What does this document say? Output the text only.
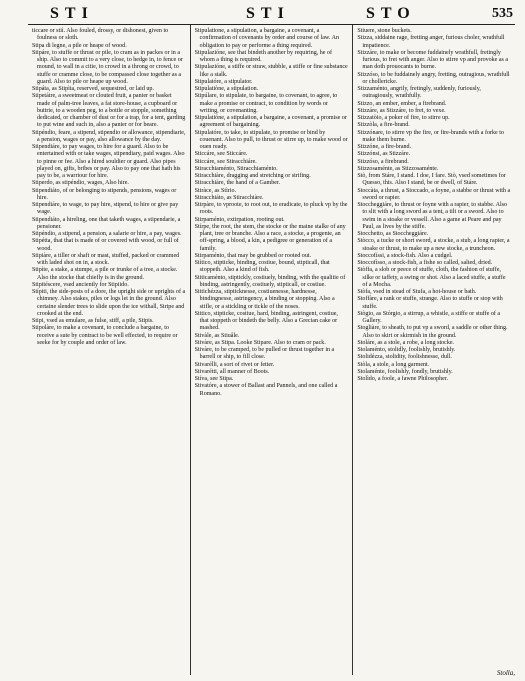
STI	STI	STO	535

ticcare or stiì. Also fouled, drossy, or dishonest, given to foulness or sloth.

Stipa di legne, a pile or heape of wood.

Stipáre, to stuffe or thrust or pile, to cram as in packes or in a ship. Also to commit to a very close, to hedge in, to fence or mound, to wall in a citie, to crowd in a throng or crowd, to stuffe or cramme close, to be compassed close together as a guard. Also to pile or heape up wood.

Stipáta, as Stipìta, reserved, sequestred, or laid up.

Stipetátre, a sweetmeat or clouted fruit, a panier or basket made of palm-tree leaves, a fat store-house, a cupboard or buttrie, to a wooden peg, to a bottle or stopple, something dedicated, or chamber of dust or for a trap, for a tent, garding to put wine and such in, also a panier or for beare.

Stipéndio, feare, a stipend, stipendio or allowance, stipendiarie, a pension, wages or pay, also allowance by the day.

Stipendiáre, to pay wages, to hire for a guard. Also to be entertained with or take wages, stipendiary, paid wages. Also to pinne or fee. Also a hired souldier or guard. Also pipes played on, gifts, bribes or pay. Also to pay one that hath his pay to be, a warriour for hire.

Stiperdo, as stipéndio, wages, Also hire.

Stipendiáto, of or belonging to stipends, pensions, wages or hire.

Stipendiáre, to wage, to pay hire, stipend, to hire or give pay wage.

Stipendiáto, a hireling, one that taketh wages, a stipendarie, a pensioner.

Stipéndio, a stipend, a pension, a salarie or hire, a pay, wages.

Stipétta, that that is made of or covered with wood, or full of wood.

Stipiàre, a tiller or shaft or mast, stuffed, packed or crammed with laded shot on in, a stock.

Stipìte, a stake, a stumpe, a pile or trunke of a tree, a stocke. Also the stocke that chiefly is in the ground.

Stipitéscere, vsed anciently for Stipiido.

Stípiti, the side-posts of a dore, the upright side or uprights of a chimney. Also stakes, piles or logs let in the ground. Also certaine slender trees to slide upon the ice withall, Stripe and crooked at the end.

Stipi, vsed as emulare, as fulse, stiff, a pile, Stipis.

Stipolàre, to make a covenant, to conclude a bargaine, to receive a sute by contract to be well effected, to require or seeke for by couple and order of law.

Stipulatione, a stipulation, a bargaine, a covenant, a confirmation of covenants by order and course of law. An obligation to pay or performe a thing required.

Stipulazióne, see that bindeth another by requiring, he of whom a thing is required.

Stipulazióne, a stiffe or straw, stubble, a stiffe or fine substance like a stalk.

Stipulatóre, a stipulator.

Stipulatiòne, a stipulation.

Stipúlare, to stipulate, to bargaine, to covenant, to agree, to make a promise or contract, to condition by words or writing, or covenanting.

Stipulatióne, a stipulation, a bargaine, a covenant, a promise or agreement of bargaining.

Stipulatóre, to take, to stipulate, to promise or bind by couenant. Also to pull, to thrust or stirre up, to make wood or ouen ready.

Sticcáre, see Sticcáre.

Sticcáre, see Stiracchiáre.

Stiracchiaménto, Stiracchiaménto.

Stiracchiàre, dragging and stretching or strifing.

Stiracchiàre, the hand of a Gamber.

Stiràce, as Stìrio.

Stiracchiáto, as Stiracchiàre.

Stirpàre, to vproote, to root out, to eradicate, to pluck vp by the roots.

Stirpaménto, extirpation, rooting out.

Stírpe, the root, the stem, the stocke or the maine stalke of any plant, tree or branche. Also a race, a stocke, a progenie, an off-spring, a blood, a kin, a pedigree or generation of a family.

Stirpaménto, that may be grubbed or rooted out.

Stìtico, stipticke, binding, costiue, bound, stipticall, that stoppeth. Also a kind of fish.

Stiticaménto, stiptickly, costiuely, binding, with the qualitie of binding, astringently, costiuely, stipticall, or costiue.

Stitichézza, stipticknesse, costiuenesse, hardnesse, bindingnesse, astringency, a binding or stopping. Also a stifle, or a stickling or tickle of the noses.

Stitico, stipticke, costiue, hard, binding, astringent, costiue, that stoppeth or bindeth the belly. Also a Grecian cake or mashed.

Stivàle, as Stiuâle.

Stivàre, as Stipa. Looke Stipare. Also to cram or pack.

Stivàre, to be cramped, to be pulled or thrust together in a barrell or ship, to fill close.

Stivarélli, a sort of rivet or fetter.

Stivarétti, all manner of Boots.

Stíva, see Stipa.

Stivatóre, a stower of Ballast and Pannels, and one called a Romano.

Stiuere, stone buckets.

Stizza, siddaine rage, fretting anger, furious choler, wrathfull impatience.

Stizzáre, to make or become fuddainely wrathfull, fretingly furious, to fret with anger. Also to stirre vp and provoke as a man doth prouocants to burne.

Stizzóso, to be fuddainely angry, fretting, outragious, wrathfull or chollericke.

Stizzaménto, angrily, fretingly, suddenly, furiously, outragiously, wrathfully.

Stizzo, an ember, ember, a firebrand.

Stizzáre, as Stizzáre, to fret, to vexe.

Stizzatòio, a poker of fire, to stirre up.

Stizzòla, a fire-brand.

Stizzónare, to stirre vp the fire, or fire-brands with a forke to make them burne.

Stizzóne, a fire-brand.

Stizzónsi, as Stizzáre.

Stizzóso, a firebrand.

Stizzosaménte, as Stizzosaménte.

Stò, from Stáre, I stand. I doe, I fare. Stò, vsed sometimes for Quesso, this. Also I stand, be or dwell, of Stáre.

Stoccàta, a thrust, a Stoccado, a foyne, a stabbe or thrust with a sword or rapier.

Stoccheggiáre, to thrust or foyne with a rapier, to stabbe. Also to slit with a long sword as a tent, a tilt or a sword. Also to swim in a stoake or vessell. Also a game at Peare and pay Paul, as lives by the stiffe.

Stocchetto, as Stoccheggiáre.

Stòcco, a tucke or short sword, a stocke, a stub, a long rapier, a stoake or thrust, to make up a new stocke, a truncheon.

Stoccofíssi, a stock-fish. Also a cudgel.

Stoccofìsso, a stock-fish, a fishe so called, salted, dried.

Stòffa, a slob or peece of stuffe, cloth, the fashion of stuffe, silke or taffety, a swing or shot. Also a laced stuffe, a stuffe of a Mocha.

Stòfa, vsed in stead of Stufa, a hot-house or bath.

Stoffàre, a rank or stuffe, strange. Also to stuffe or stop with stuffe.

Stògio, as Stórgio, a stirrup, a whistle, a stiffe or stuffe of a Gallery.

Stogliàre, to sheath, to put vp a sword, a saddle or other thing. Also to skirt or skirmish in the ground.

Stoláre, as a stole, a robe, a long stocke.

Stolaménto, stolidly, foolishly, brutishly.

Stolidézza, stolidity, foolishnesse, dull.

Stòla, a stole, a long garment.

Stolaménte, foolishly, fondly, brutishly.

Stolìdo, a foole, a fawne Philosopher.

Stolla,
